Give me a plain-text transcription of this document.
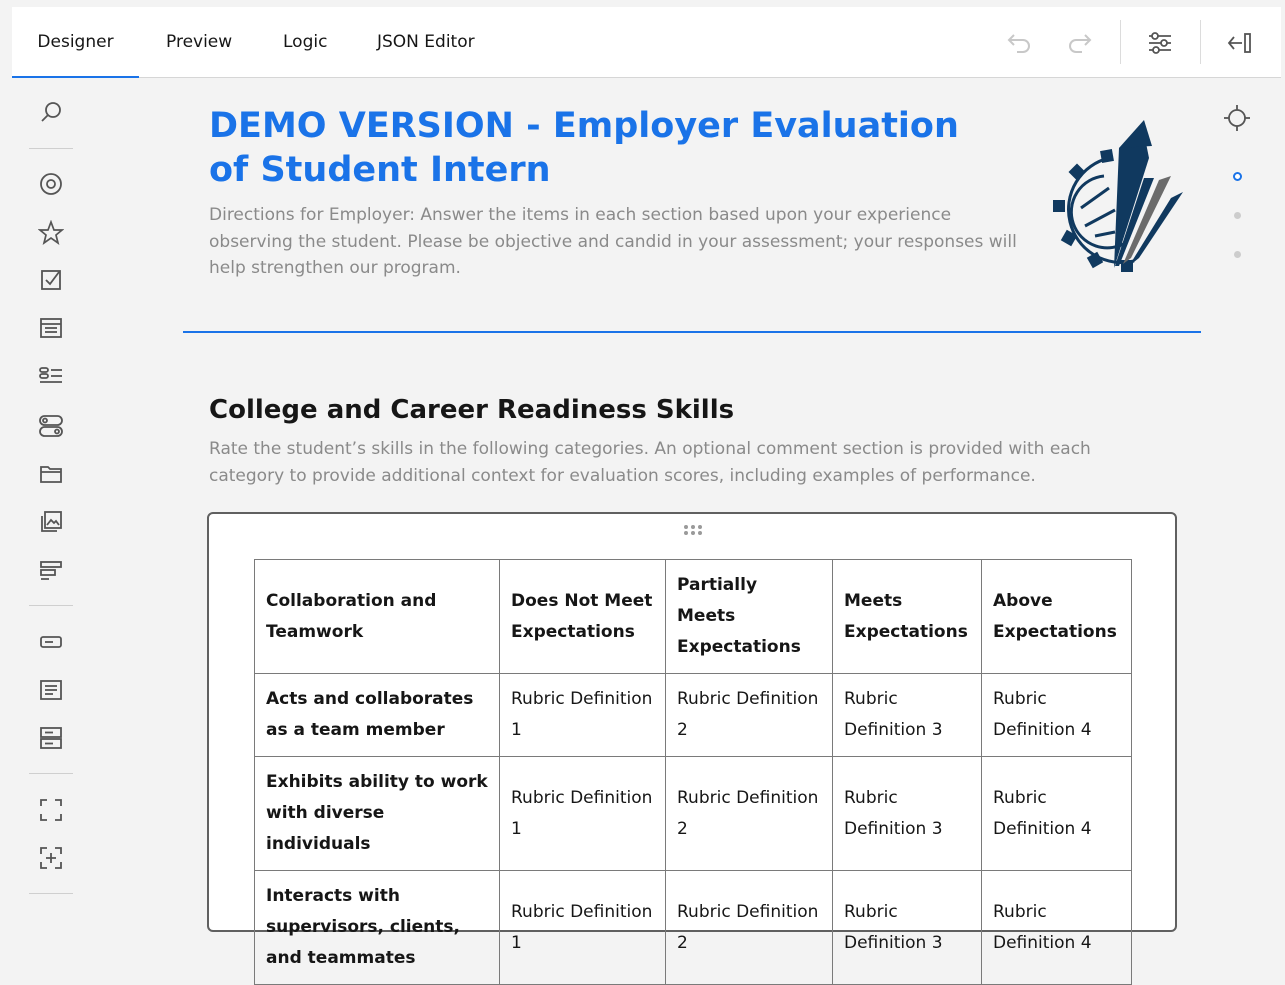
Designer	Preview	Logic	JSON Editor
DEMO VERSION - Employer Evaluation of Student Intern
Directions for Employer: Answer the items in each section based upon your experience observing the student. Please be objective and candid in your assessment; your responses will help strengthen our program.
College and Career Readiness Skills
Rate the student’s skills in the following categories. An optional comment section is provided with each category to provide additional context for evaluation scores, including examples of performance.
Collaboration and Teamwork	Does Not Meet Expectations	Partially Meets Expectations	Meets Expectations	Above Expectations
Acts and collaborates as a team member	Rubric Definition 1	Rubric Definition 2	Rubric Definition 3	Rubric Definition 4
Exhibits ability to work with diverse individuals	Rubric Definition 1	Rubric Definition 2	Rubric Definition 3	Rubric Definition 4
Interacts with supervisors, clients, and teammates	Rubric Definition 1	Rubric Definition 2	Rubric Definition 3	Rubric Definition 4
